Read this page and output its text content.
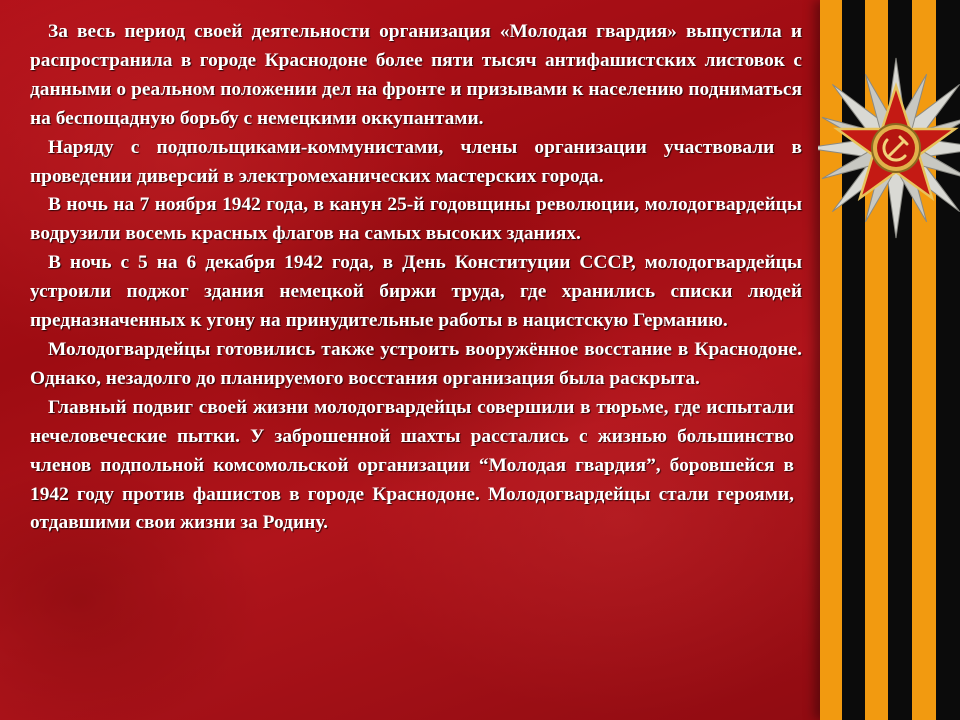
За весь период своей деятельности организация «Молодая гвардия» выпустила и распространила в городе Краснодоне более пяти тысяч антифашистских листовок с данными о реальном положении дел на фронте и призывами к населению подниматься на беспощадную борьбу с немецкими оккупантами.

Наряду с подпольщиками-коммунистами, члены организации участвовали в проведении диверсий в электромеханических мастерских города.

В ночь на 7 ноября 1942 года, в канун 25-й годовщины революции, молодогвардейцы водрузили восемь красных флагов на самых высоких зданиях.

В ночь с 5 на 6 декабря 1942 года, в День Конституции СССР, молодогвардейцы устроили поджог здания немецкой биржи труда, где хранились списки людей предназначенных к угону на принудительные работы в нацистскую Германию.

Молодогвардейцы готовились также устроить вооружённое восстание в Краснодоне. Однако, незадолго до планируемого восстания организация была раскрыта.

Главный подвиг своей жизни молодогвардейцы совершили в тюрьме, где испытали нечеловеческие пытки. У заброшенной шахты расстались с жизнью большинство членов подпольной комсомольской организации “Молодая гвардия”, боровшейся в 1942 году против фашистов в городе Краснодоне. Молодогвардейцы стали героями, отдавшими свои жизни за Родину.
